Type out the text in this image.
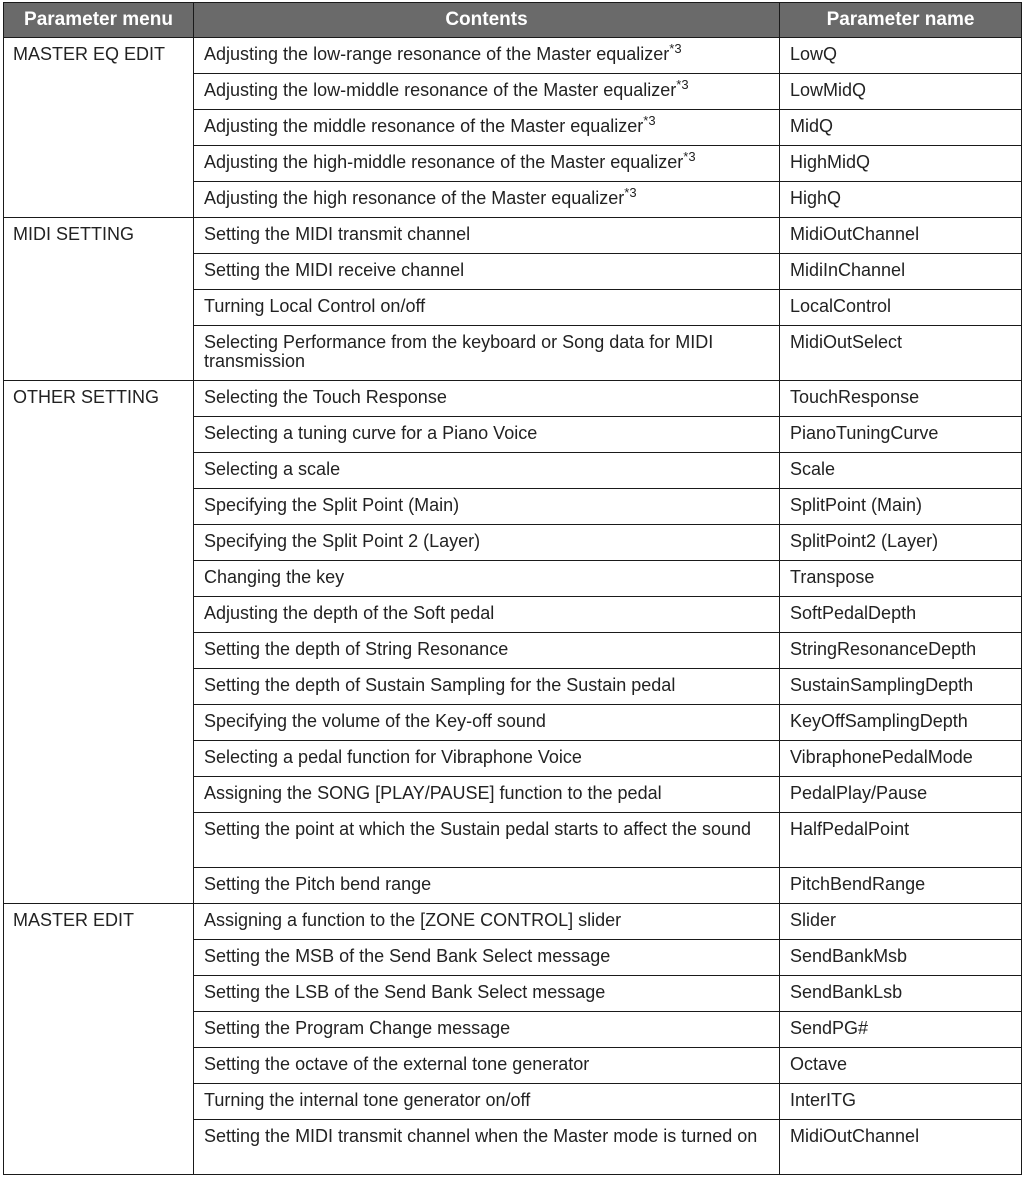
Parameter menu	Contents	Parameter name
MASTER EQ EDIT	Adjusting the low-range resonance of the Master equalizer$^{*3}$	LowQ
	Adjusting the low-middle resonance of the Master equalizer$^{*3}$	LowMidQ
	Adjusting the middle resonance of the Master equalizer$^{*3}$	MidQ
	Adjusting the high-middle resonance of the Master equalizer$^{*3}$	HighMidQ
	Adjusting the high resonance of the Master equalizer$^{*3}$	HighQ
MIDI SETTING	Setting the MIDI transmit channel	MidiOutChannel
	Setting the MIDI receive channel	MidiInChannel
	Turning Local Control on/off	LocalControl
	Selecting Performance from the keyboard or Song data for MIDI transmission	MidiOutSelect
OTHER SETTING	Selecting the Touch Response	TouchResponse
	Selecting a tuning curve for a Piano Voice	PianoTuningCurve
	Selecting a scale	Scale
	Specifying the Split Point (Main)	SplitPoint (Main)
	Specifying the Split Point 2 (Layer)	SplitPoint2 (Layer)
	Changing the key	Transpose
	Adjusting the depth of the Soft pedal	SoftPedalDepth
	Setting the depth of String Resonance	StringResonanceDepth
	Setting the depth of Sustain Sampling for the Sustain pedal	SustainSamplingDepth
	Specifying the volume of the Key-off sound	KeyOffSamplingDepth
	Selecting a pedal function for Vibraphone Voice	VibraphonePedalMode
	Assigning the SONG [PLAY/PAUSE] function to the pedal	PedalPlay/Pause
	Setting the point at which the Sustain pedal starts to affect the sound	HalfPedalPoint
	Setting the Pitch bend range	PitchBendRange
MASTER EDIT	Assigning a function to the [ZONE CONTROL] slider	Slider
	Setting the MSB of the Send Bank Select message	SendBankMsb
	Setting the LSB of the Send Bank Select message	SendBankLsb
	Setting the Program Change message	SendPG#
	Setting the octave of the external tone generator	Octave
	Turning the internal tone generator on/off	InterITG
	Setting the MIDI transmit channel when the Master mode is turned on	MidiOutChannel
